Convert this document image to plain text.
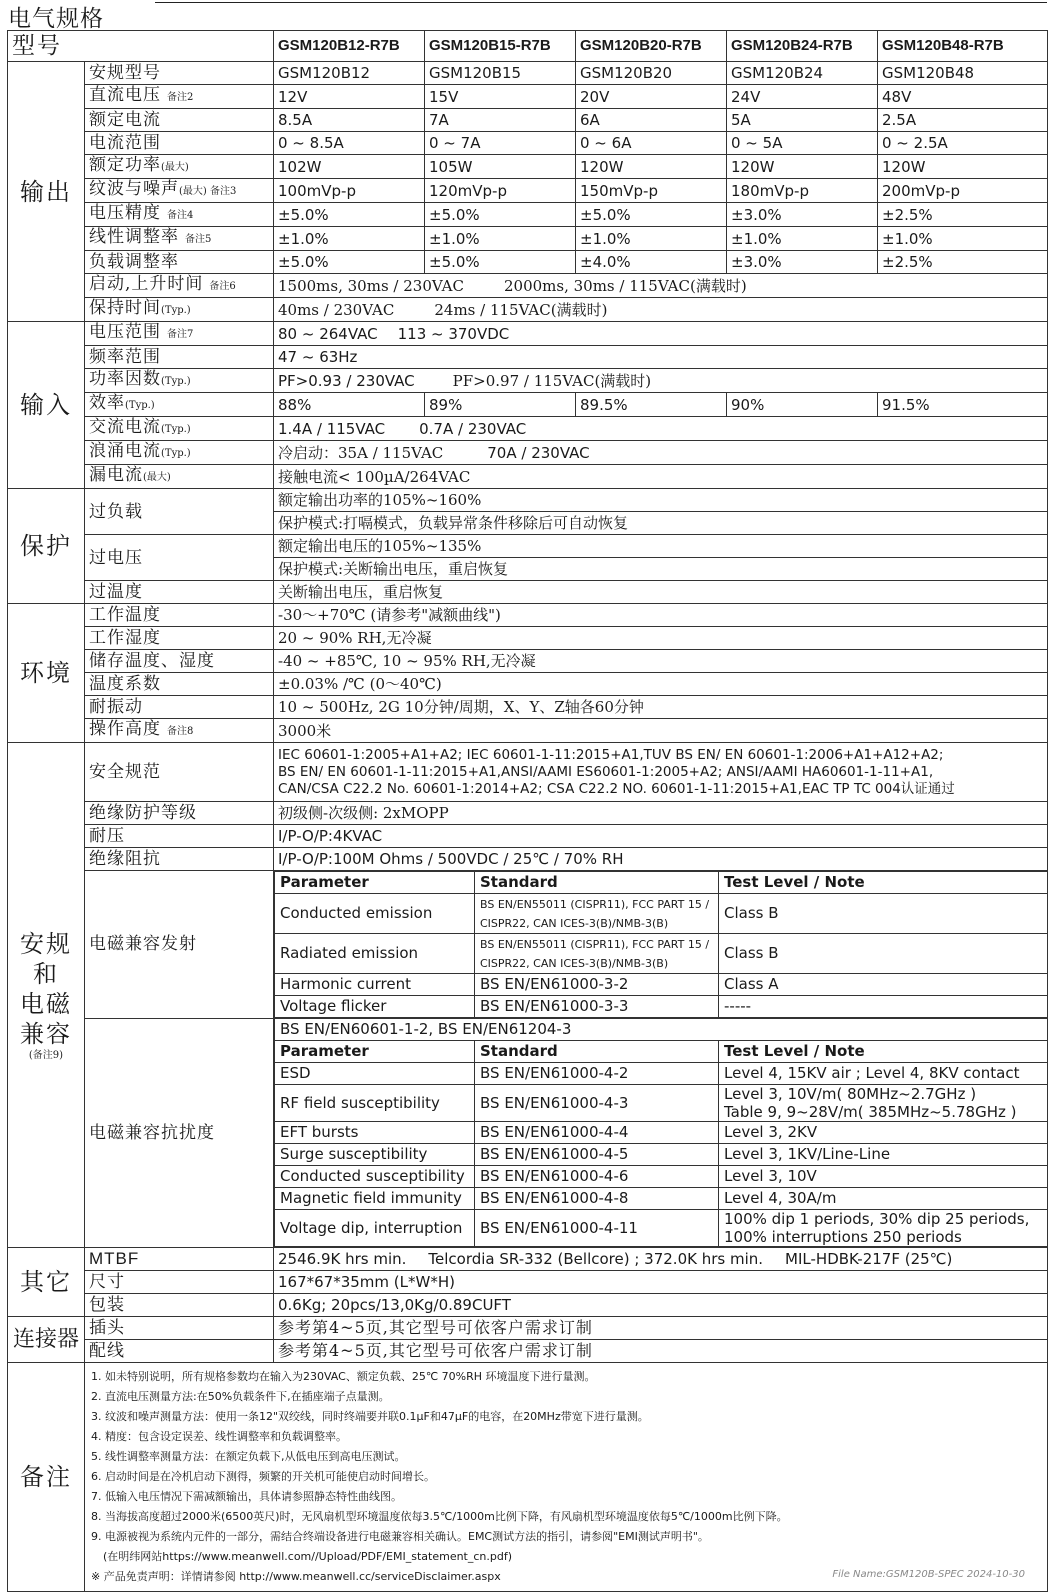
电气规格
型号	GSM120B12-R7B	GSM120B15-R7B	GSM120B20-R7B	GSM120B24-R7B	GSM120B48-R7B
输出	安规型号	GSM120B12	GSM120B15	GSM120B20	GSM120B24	GSM120B48
直流电压 备注2	12V	15V	20V	24V	48V
额定电流	8.5A	7A	6A	5A	2.5A
电流范围	0 ~ 8.5A	0 ~ 7A	0 ~ 6A	0 ~ 5A	0 ~ 2.5A
额定功率(最大)	102W	105W	120W	120W	120W
纹波与噪声(最大) 备注3	100mVp-p	120mVp-p	150mVp-p	180mVp-p	200mVp-p
电压精度 备注4	±5.0%	±5.0%	±5.0%	±3.0%	±2.5%
线性调整率 备注5	±1.0%	±1.0%	±1.0%	±1.0%	±1.0%
负载调整率	±5.0%	±5.0%	±4.0%	±3.0%	±2.5%
启动,上升时间 备注6	1500ms, 30ms / 230VAC	2000ms, 30ms / 115VAC(满载时)
保持时间(Typ.)	40ms / 230VAC	24ms / 115VAC(满载时)
输入	电压范围 备注7	80 ~ 264VAC 113 ~ 370VDC
频率范围	47 ~ 63Hz
功率因数(Typ.)	PF>0.93 / 230VAC	PF>0.97 / 115VAC(满载时)
效率(Typ.)	88%	89%	89.5%	90%	91.5%
交流电流(Typ.)	1.4A / 115VAC 0.7A / 230VAC
浪涌电流(Typ.)	冷启动：35A / 115VAC	70A / 230VAC
漏电流(最大)	接触电流< 100µA/264VAC
保护	过负载	额定输出功率的105%~160%
保护模式:打嗝模式，负载异常条件移除后可自动恢复
过电压	额定输出电压的105%~135%
保护模式:关断输出电压，重启恢复
过温度	关断输出电压，重启恢复
环境	工作温度	-30～+70℃ (请参考"减额曲线")
工作湿度	20 ~ 90% RH,无冷凝
储存温度、湿度	-40 ~ +85℃, 10 ~ 95% RH,无冷凝
温度系数	±0.03% /℃ (0～40℃)
耐振动	10 ~ 500Hz, 2G 10分钟/周期，X、Y、Z轴各60分钟
操作高度 备注8	3000米
安规
和
电磁
兼容
(备注9)
	安全规范	
IEC 60601-1:2005+A1+A2; IEC 60601-1-11:2015+A1,TUV BS EN/ EN 60601-1:2006+A1+A12+A2;
BS EN/ EN 60601-1-11:2015+A1,ANSI/AAMI ES60601-1:2005+A2; ANSI/AAMI HA60601-1-11+A1,
CAN/CSA C22.2 No. 60601-1:2014+A2; CSA C22.2 NO. 60601-1-11:2015+A1,EAC TP TC 004认证通过

绝缘防护等级	初级侧-次级侧: 2xMOPP
耐压	I/P-O/P:4KVAC
绝缘阻抗	I/P-O/P:100M Ohms / 500VDC / 25℃ / 70% RH
电磁兼容发射	
Parameter	Standard	Test Level / Note
Conducted emission	BS EN/EN55011 (CISPR11), FCC PART 15 / CISPR22, CAN ICES-3(B)/NMB-3(B)	Class B
Radiated emission	BS EN/EN55011 (CISPR11), FCC PART 15 / CISPR22, CAN ICES-3(B)/NMB-3(B)	Class B
Harmonic current	BS EN/EN61000-3-2	Class A
Voltage flicker	BS EN/EN61000-3-3	-----

电磁兼容抗扰度	
BS EN/EN60601-1-2, BS EN/EN61204-3
Parameter	Standard	Test Level / Note
ESD	BS EN/EN61000-4-2	Level 4, 15KV air ; Level 4, 8KV contact
RF field susceptibility	BS EN/EN61000-4-3	Level 3, 10V/m( 80MHz~2.7GHz )
Table 9, 9~28V/m( 385MHz~5.78GHz )

EFT bursts	BS EN/EN61000-4-4	Level 3, 2KV
Surge susceptibility	BS EN/EN61000-4-5	Level 3, 1KV/Line-Line
Conducted susceptibility	BS EN/EN61000-4-6	Level 3, 10V
Magnetic field immunity	BS EN/EN61000-4-8	Level 4, 30A/m
Voltage dip, interruption	BS EN/EN61000-4-11	100% dip 1 periods, 30% dip 25 periods,
100% interruptions 250 periods

其它	MTBF	2546.9K hrs min. Telcordia SR-332 (Bellcore) ; 372.0K hrs min. MIL-HDBK-217F (25℃)
尺寸	167*67*35mm (L*W*H)
包装	0.6Kg; 20pcs/13,0Kg/0.89CUFT
连接器	插头	参考第4~5页,其它型号可依客户需求订制
配线	参考第4~5页,其它型号可依客户需求订制
备注	
1. 如未特别说明，所有规格参数均在输入为230VAC、额定负载、25℃ 70%RH 环境温度下进行量测。
2. 直流电压测量方法:在50%负载条件下,在插座端子点量测。
3. 纹波和噪声测量方法：使用一条12"双绞线，同时终端要并联0.1µF和47µF的电容，在20MHz带宽下进行量测。
4. 精度：包含设定误差、线性调整率和负载调整率。
5. 线性调整率测量方法：在额定负载下,从低电压到高电压测试。
6. 启动时间是在冷机启动下测得，频繁的开关机可能使启动时间增长。
7. 低输入电压情况下需减额输出，具体请参照静态特性曲线图。
8. 当海拔高度超过2000米(6500英尺)时，无风扇机型环境温度依每3.5℃/1000m比例下降，有风扇机型环境温度依每5℃/1000m比例下降。
9. 电源被视为系统内元件的一部分，需结合终端设备进行电磁兼容相关确认。EMC测试方法的指引，请参阅"EMI测试声明书"。
(在明纬网站https://www.meanwell.com//Upload/PDF/EMI_statement_cn.pdf)
※ 产品免责声明：详情请参阅 http://www.meanwell.cc/serviceDisclaimer.aspx	File Name:GSM120B-SPEC 2024-10-30
